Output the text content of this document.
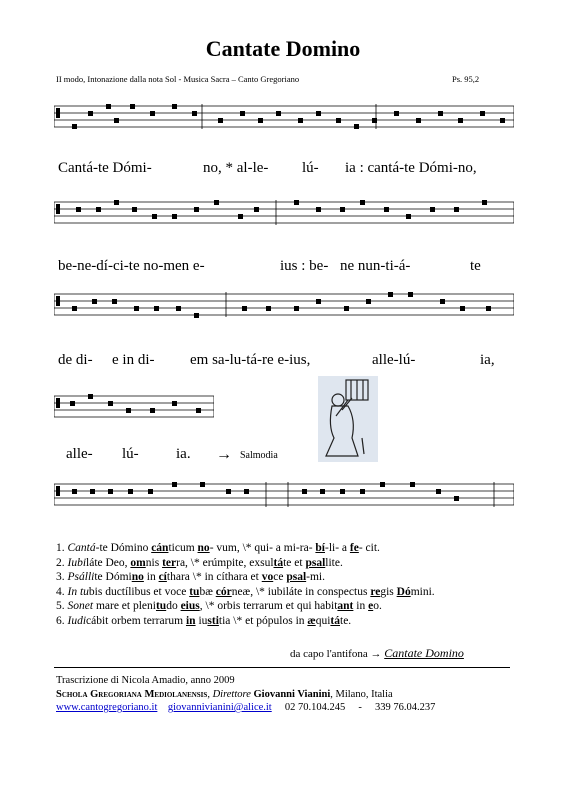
Cantate Domino
II modo, Intonazione dalla nota Sol - Musica Sacra – Canto Gregoriano	Ps. 95,2
Cantá-te Dómi-	no, * al-le- lú- ia : cantá-te Dómi-no,
be-ne-dí-ci-te no-men e-	ius : be- ne nun-ti-á-	te
de di- e in di- em sa-lu-tá-re e-ius,	alle-lú-	ia,
alle- lú- ia. → Salmodia
1. Cantá-te Dómino cánticum no- vum, \* qui- a mi-ra- bí-li- a fe- cit.
2. Iubiláte Deo, omnis terra, \* erúmpite, exsultáte et psallite.
3. Psállite Dómino in cíthara \* in cíthara et voce psal-mi.
4. In tubis ductílibus et voce tubæ córneæ, \* iubiláte in conspectus regis Dómini.
5. Sonet mare et plenitudo eius, \* orbis terrarum et qui habitant in eo.
6. Iudicábit orbem terrarum in iustitia \* et pópulos in æquitáte.
da capo l'antifona → Cantate Domino
Trascrizione di Nicola Amadio, anno 2009
Schola Gregoriana Mediolanensis, Direttore Giovanni Vianini, Milano, Italia
www.cantogregoriano.it giovannivianini@alice.it 02 70.104.245 - 339 76.04.237
